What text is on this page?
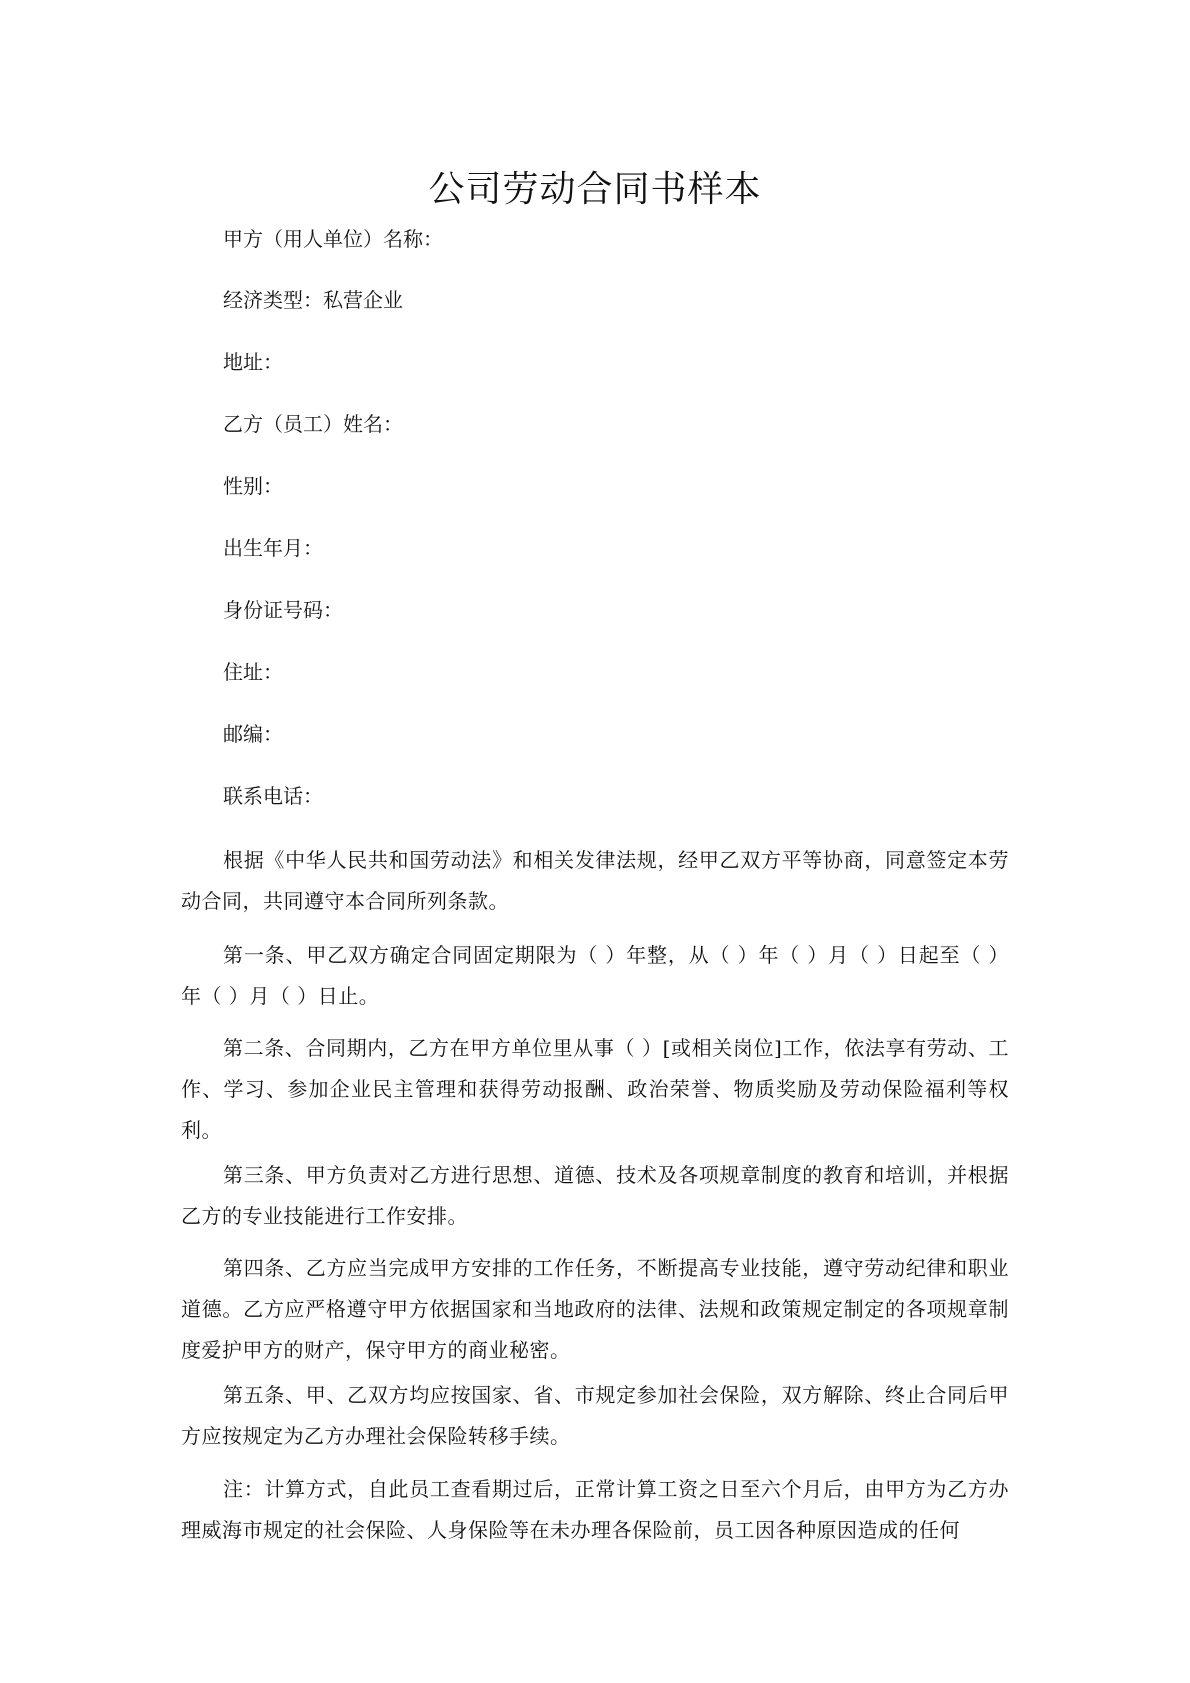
公司劳动合同书样本

甲方（用人单位）名称：

经济类型：私营企业

地址：

乙方（员工）姓名：

性别：

出生年月：

身份证号码：

住址：

邮编：

联系电话：

根据《中华人民共和国劳动法》和相关发律法规，经甲乙双方平等协商，同意签定本劳动合同，共同遵守本合同所列条款。

第一条、甲乙双方确定合同固定期限为（ ）年整，从（ ）年（ ）月（ ）日起至（ ）年（ ）月（ ）日止。

第二条、合同期内，乙方在甲方单位里从事（ ）[或相关岗位]工作，依法享有劳动、工作、学习、参加企业民主管理和获得劳动报酬、政治荣誉、物质奖励及劳动保险福利等权利。

第三条、甲方负责对乙方进行思想、道德、技术及各项规章制度的教育和培训，并根据乙方的专业技能进行工作安排。

第四条、乙方应当完成甲方安排的工作任务，不断提高专业技能，遵守劳动纪律和职业道德。乙方应严格遵守甲方依据国家和当地政府的法律、法规和政策规定制定的各项规章制度爱护甲方的财产，保守甲方的商业秘密。

第五条、甲、乙双方均应按国家、省、市规定参加社会保险，双方解除、终止合同后甲方应按规定为乙方办理社会保险转移手续。

注：计算方式，自此员工查看期过后，正常计算工资之日至六个月后，由甲方为乙方办理威海市规定的社会保险、人身保险等在未办理各保险前，员工因各种原因造成的任何
